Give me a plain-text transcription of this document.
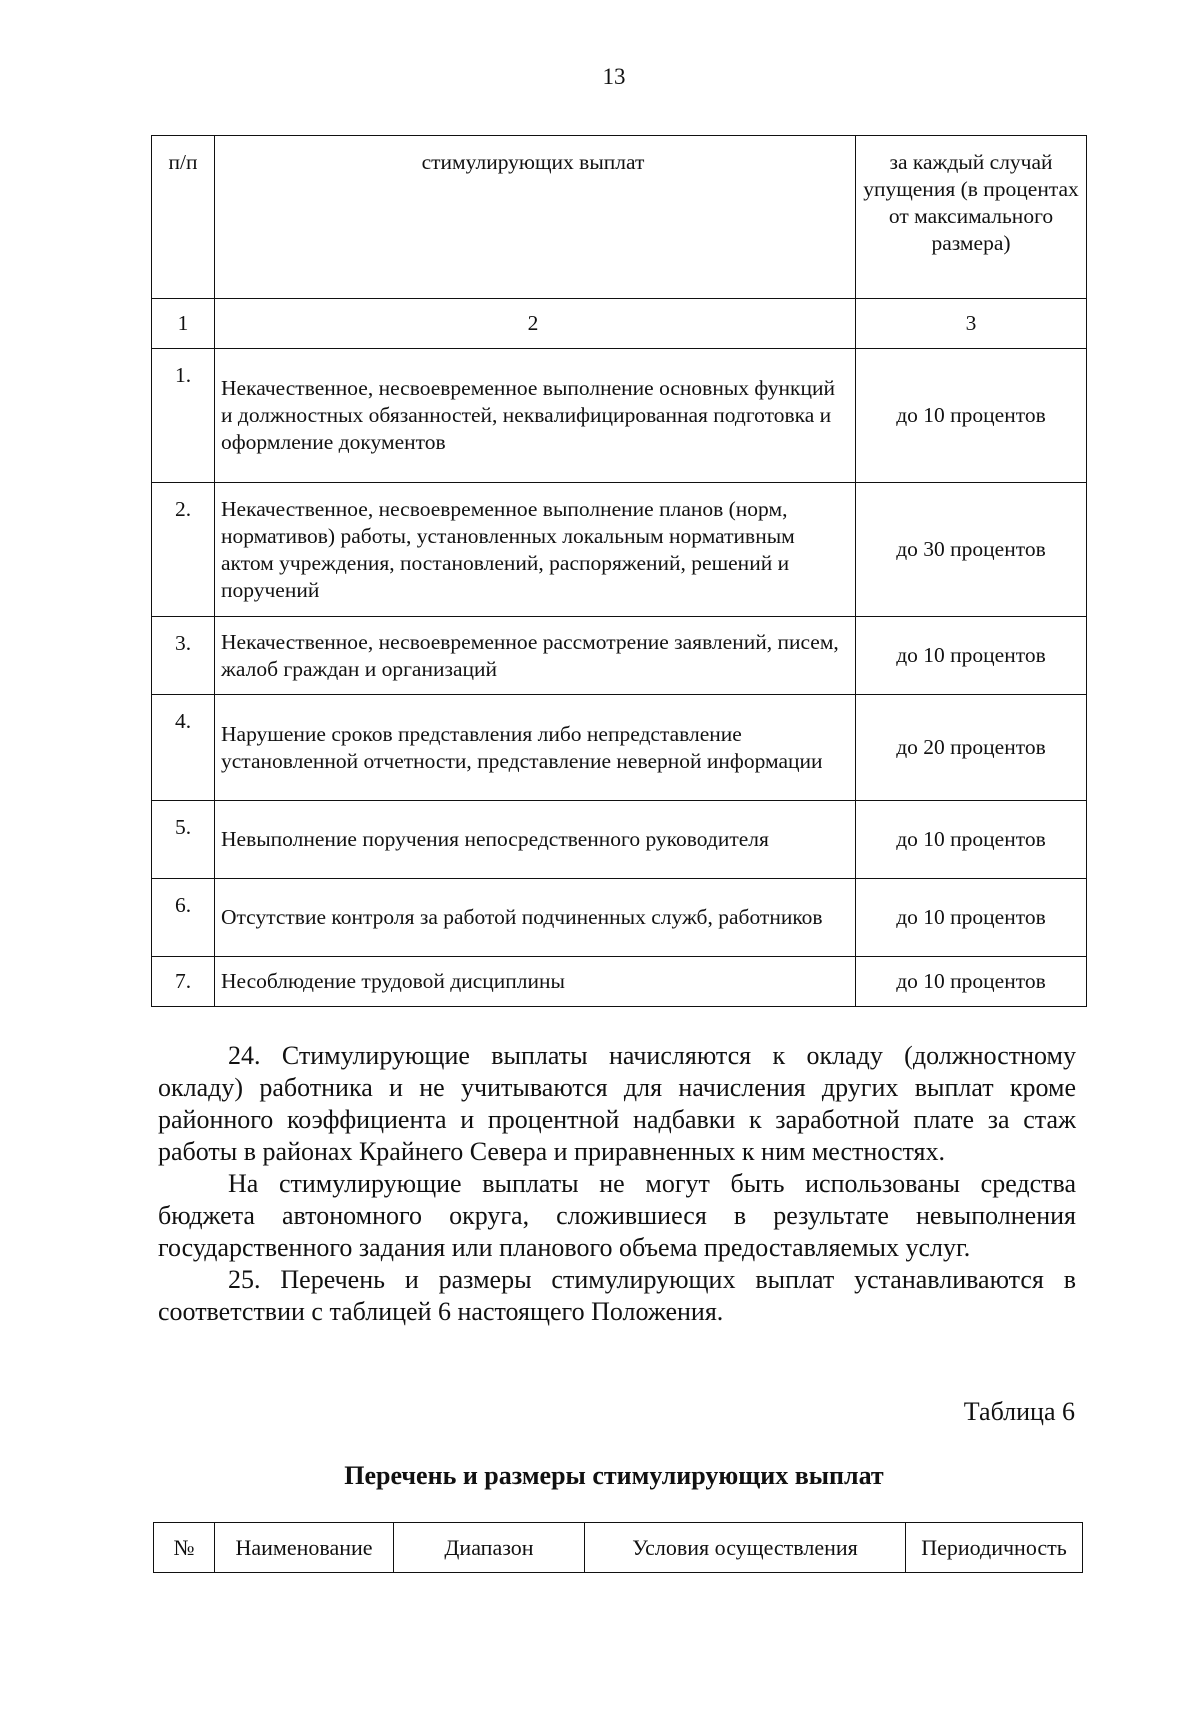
13
п/п	стимулирующих выплат	за каждый случай упущения (в процентах от максимального размера)
1	2	3
1.	Некачественное, несвоевременное выполнение основных функций и должностных обязанностей, неквалифицированная подготовка и оформление документов	до 10 процентов
2.	Некачественное, несвоевременное выполнение планов (норм, нормативов) работы, установленных локальным нормативным актом учреждения, постановлений, распоряжений, решений и поручений	до 30 процентов
3.	Некачественное, несвоевременное рассмотрение заявлений, писем, жалоб граждан и организаций	до 10 процентов
4.	Нарушение сроков представления либо непредставление установленной отчетности, представление неверной информации	до 20 процентов
5.	Невыполнение поручения непосредственного руководителя	до 10 процентов
6.	Отсутствие контроля за работой подчиненных служб, работников	до 10 процентов
7.	Несоблюдение трудовой дисциплины	до 10 процентов

24. Стимулирующие выплаты начисляются к окладу (должностному окладу) работника и не учитываются для начисления других выплат кроме районного коэффициента и процентной надбавки к заработной плате за стаж работы в районах Крайнего Севера и приравненных к ним местностях.

На стимулирующие выплаты не могут быть использованы средства бюджета автономного округа, сложившиеся в результате невыполнения государственного задания или планового объема предоставляемых услуг.

25. Перечень и размеры стимулирующих выплат устанавливаются в соответствии с таблицей 6 настоящего Положения.

Таблица 6
Перечень и размеры стимулирующих выплат
№	Наименование	Диапазон	Условия осуществления	Периодичность
